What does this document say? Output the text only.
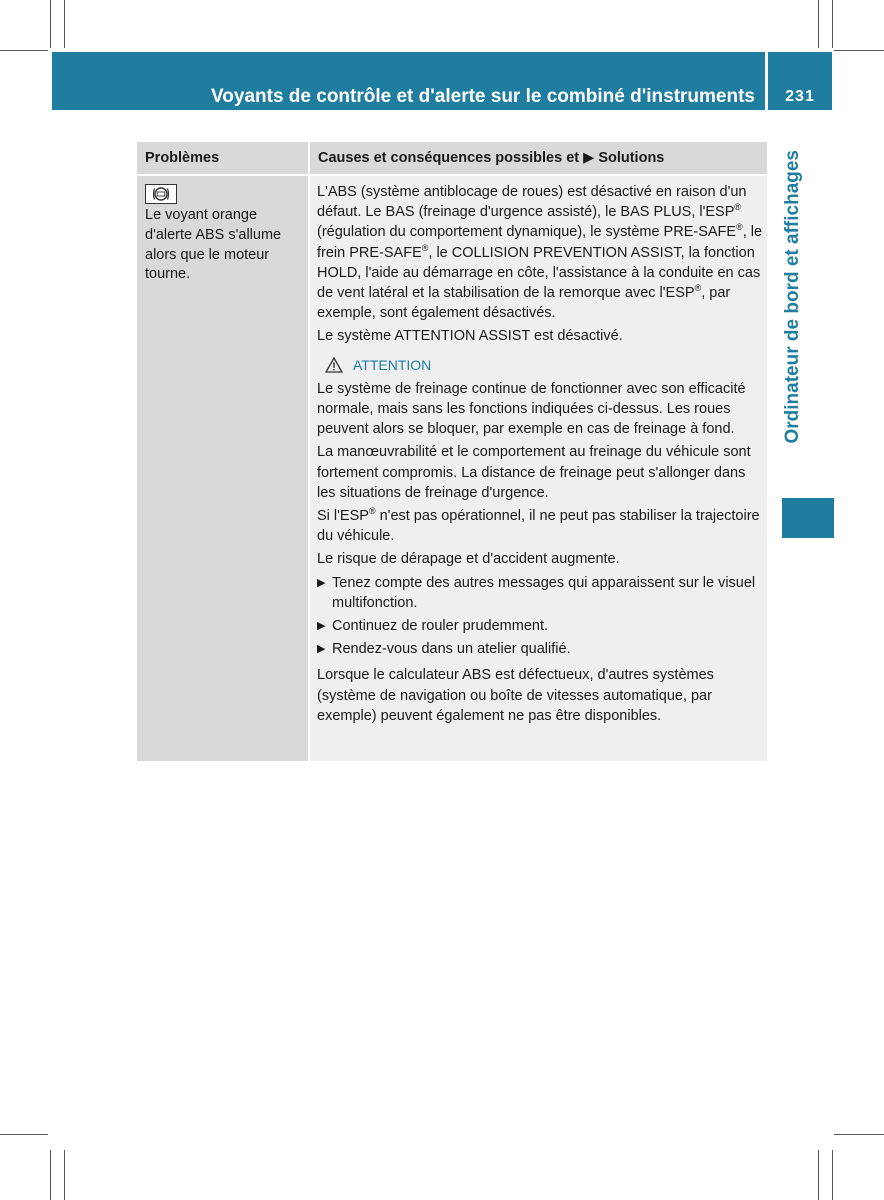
Voyants de contrôle et d'alerte sur le combiné d'instruments	231
Ordinateur de bord et affichages
Problèmes	Causes et conséquences possibles et ▶ Solutions
Le voyant orange d'alerte ABS s'allume alors que le moteur tourne.

L'ABS (système antiblocage de roues) est désactivé en raison d'un défaut. Le BAS (freinage d'urgence assisté), le BAS PLUS, l'ESP® (régulation du comportement dynamique), le système PRE-SAFE®, le frein PRE-SAFE®, le COLLISION PREVENTION ASSIST, la fonction HOLD, l'aide au démarrage en côte, l'assistance à la conduite en cas de vent latéral et la stabilisation de la remorque avec l'ESP®, par exemple, sont également désactivés.

Le système ATTENTION ASSIST est désactivé.

ATTENTION

Le système de freinage continue de fonctionner avec son efficacité normale, mais sans les fonctions indiquées ci-dessus. Les roues peuvent alors se bloquer, par exemple en cas de freinage à fond.

La manœuvrabilité et le comportement au freinage du véhicule sont fortement compromis. La distance de freinage peut s'allonger dans les situations de freinage d'urgence.

Si l'ESP® n'est pas opérationnel, il ne peut pas stabiliser la trajectoire du véhicule.

Le risque de dérapage et d'accident augmente.

▶ Tenez compte des autres messages qui apparaissent sur le visuel multifonction.
▶ Continuez de rouler prudemment.
▶ Rendez-vous dans un atelier qualifié.

Lorsque le calculateur ABS est défectueux, d'autres systèmes (système de navigation ou boîte de vitesses automatique, par exemple) peuvent également ne pas être disponibles.
